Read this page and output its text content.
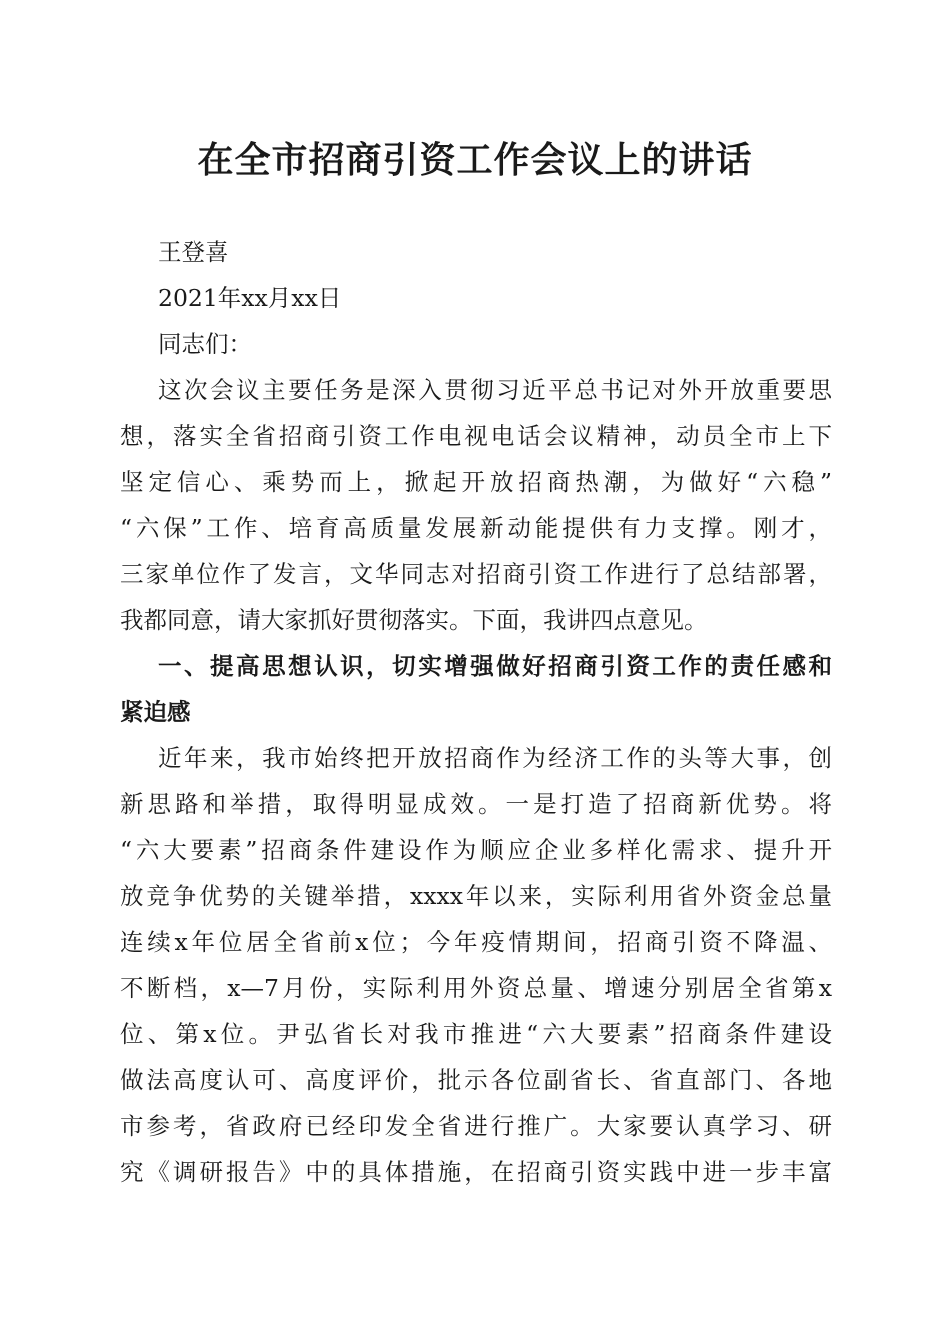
在全市招商引资工作会议上的讲话
王登喜
2021年xx月xx日
同志们：
这次会议主要任务是深入贯彻习近平总书记对外开放重要思
想，落实全省招商引资工作电视电话会议精神，动员全市上下
坚定信心、乘势而上，掀起开放招商热潮，为做好“六稳”
“六保”工作、培育高质量发展新动能提供有力支撑。刚才，
三家单位作了发言，文华同志对招商引资工作进行了总结部署，
我都同意，请大家抓好贯彻落实。下面，我讲四点意见。
一、提高思想认识，切实增强做好招商引资工作的责任感和
紧迫感
近年来，我市始终把开放招商作为经济工作的头等大事，创
新思路和举措，取得明显成效。一是打造了招商新优势。将
“六大要素”招商条件建设作为顺应企业多样化需求、提升开
放竞争优势的关键举措，xxxx年以来，实际利用省外资金总量
连续x年位居全省前x位；今年疫情期间，招商引资不降温、
不断档，x—7月份，实际利用外资总量、增速分别居全省第x
位、第x位。尹弘省长对我市推进“六大要素”招商条件建设
做法高度认可、高度评价，批示各位副省长、省直部门、各地
市参考，省政府已经印发全省进行推广。大家要认真学习、研
究《调研报告》中的具体措施，在招商引资实践中进一步丰富
